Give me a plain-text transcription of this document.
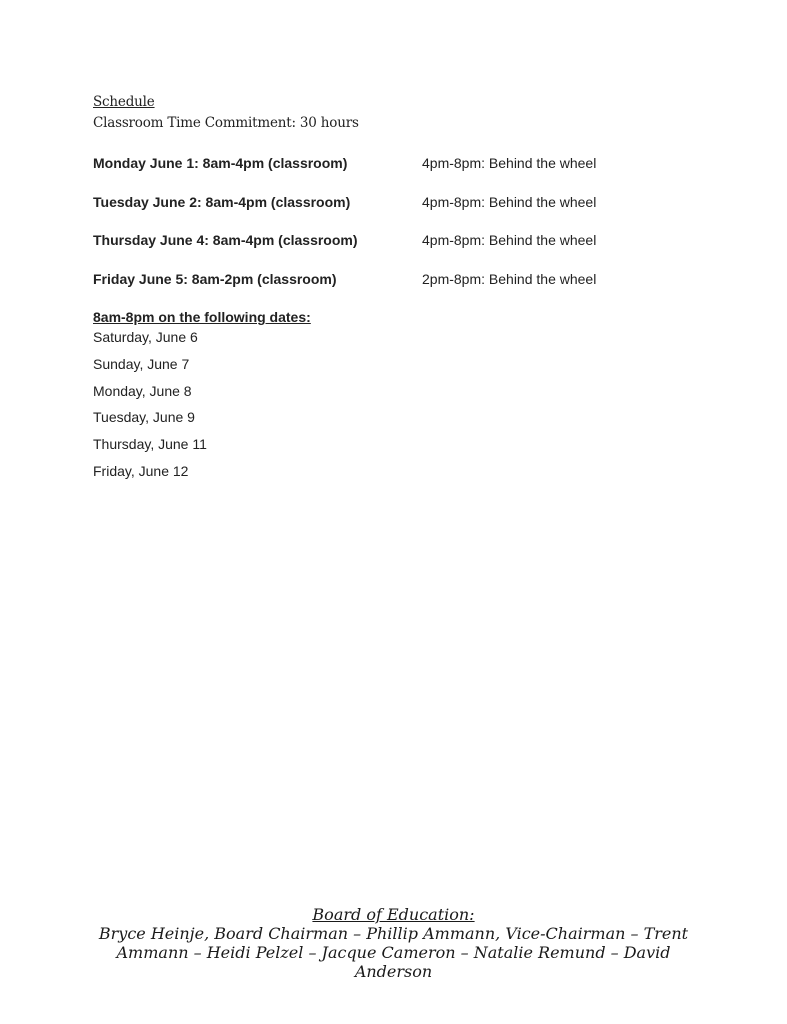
Schedule
Classroom Time Commitment: 30 hours
Monday June 1: 8am-4pm (classroom)	4pm-8pm: Behind the wheel
Tuesday June 2: 8am-4pm (classroom)	4pm-8pm: Behind the wheel
Thursday June 4: 8am-4pm (classroom)	4pm-8pm: Behind the wheel
Friday June 5: 8am-2pm (classroom)	2pm-8pm: Behind the wheel
8am-8pm on the following dates:
Saturday, June 6
Sunday, June 7
Monday, June 8
Tuesday, June 9
Thursday, June 11
Friday, June 12
Board of Education:
Bryce Heinje, Board Chairman – Phillip Ammann, Vice-Chairman – Trent Ammann – Heidi Pelzel – Jacque Cameron – Natalie Remund – David Anderson
